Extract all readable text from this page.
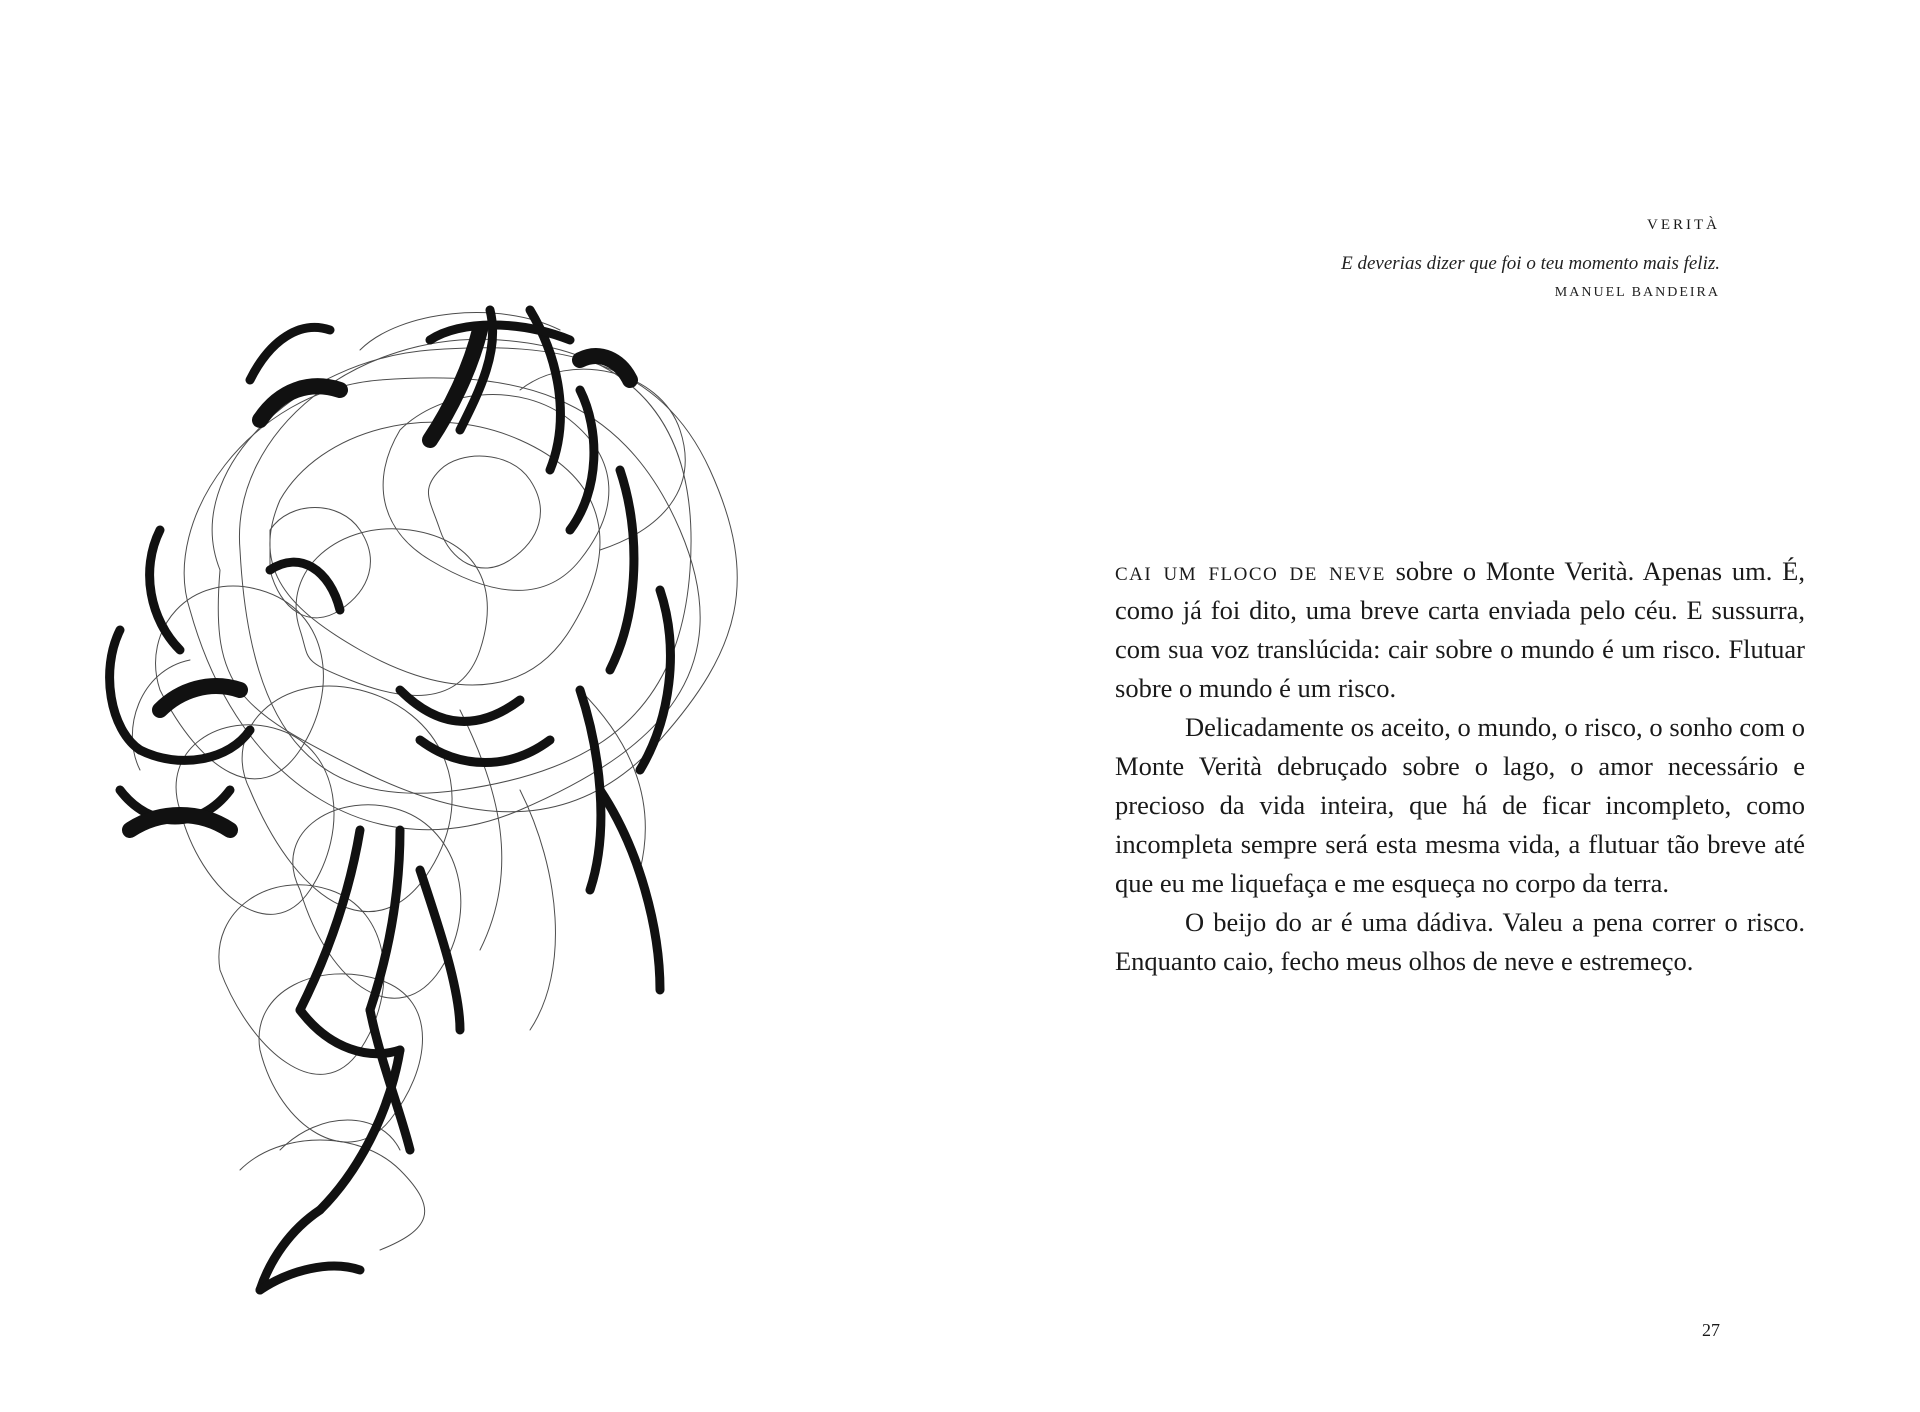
verità
E deverias dizer que foi o teu momento mais feliz.
MANUEL BANDEIRA

cai um floco de neve sobre o Monte Verità. Apenas um. É, como já foi dito, uma breve carta enviada pelo céu. E sussurra, com sua voz translúcida: cair sobre o mundo é um risco. Flutuar sobre o mundo é um risco.

Delicadamente os aceito, o mundo, o risco, o sonho com o Monte Verità debruçado sobre o lago, o amor necessário e precioso da vida inteira, que há de ficar incompleto, como incompleta sempre será esta mesma vida, a flutuar tão breve até que eu me liquefaça e me esqueça no corpo da terra.

O beijo do ar é uma dádiva. Valeu a pena correr o risco. Enquanto caio, fecho meus olhos de neve e estremeço.

27
